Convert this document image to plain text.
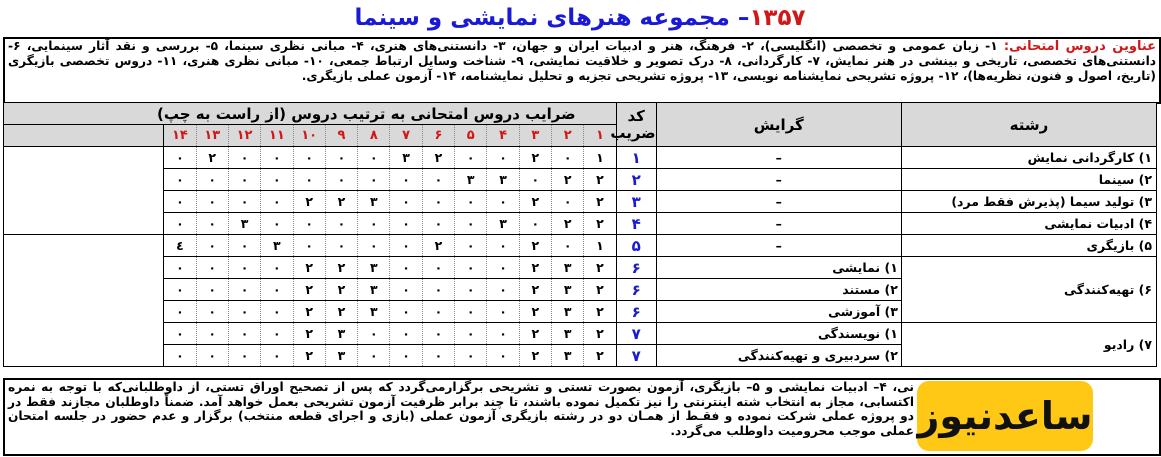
۱۳۵۷– مجموعه هنرهای نمایشی و سینما
عناوین دروس امتحانی: ۱- زبان عمومی و تخصصی (انگلیسی)، ۲- فرهنگ، هنر و ادبیات ایران و جهان، ۳- دانستنی‌های هنری، ۴- مبانی نظری سینما، ۵- بررسی و نقد آثار سینمایی، ۶- دانستنی‌های تخصصی، تاریخی و بینشی در هنر نمایش، ۷- کارگردانی، ۸- درک تصویر و خلاقیت نمایشی، ۹- شناخت وسایل ارتباط جمعی، ۱۰- مبانی نظری هنری، ۱۱- دروس تخصصی بازیگری (تاریخ، اصول و فنون، نظریه‌ها)، ۱۲- پروژه تشریحی نمایشنامه نویسی، ۱۳- پروژه تشریحی تجزیه و تحلیل نمایشنامه، ۱۴- آزمون عملی بازیگری.
رشته	گرایش	کد ضریب	ضرایب دروس امتحانی به ترتیب دروس (از راست به چپ)														
			۱	۲	۳	۴	۵	۶	۷	۸	۹	۱۰	۱۱	۱۲	۱۳	۱۴	
۱) کارگردانی نمایش	–	۱	۱	۰	۲	۰	۰	۲	۳	۰	۰	۰	۰	۰	۲	۰	
۲) سینما	–	۲	۲	۲	۰	۳	۳	۰	۰	۰	۰	۰	۰	۰	۰	۰	
۳) تولید سیما (پذیرش فقط مرد)	–	۳	۲	۰	۲	۰	۰	۰	۰	۳	۲	۲	۰	۰	۰	۰	
۴) ادبیات نمایشی	–	۴	۲	۲	۰	۳	۰	۰	۰	۰	۰	۰	۰	۳	۰	۰	
۵) بازیگری	–	۵	۱	۰	۲	۰	۰	۲	۰	۰	۰	۰	۳	۰	۰	٤	
۶) تهیه‌کنندگی	۱) نمایشی	۶	۲	۳	۲	۰	۰	۰	۰	۳	۲	۲	۰	۰	۰	۰	
	۲) مستند	۶	۲	۳	۲	۰	۰	۰	۰	۳	۲	۲	۰	۰	۰	۰	
	۳) آموزشی	۶	۲	۳	۲	۰	۰	۰	۰	۳	۲	۲	۰	۰	۰	۰	
۷) رادیو	۱) نویسندگی	۷	۲	۳	۲	۰	۰	۰	۰	۰	۳	۲	۰	۰	۰	۰	
	۲) سردبیری و تهیه‌کنندگی	۷	۲	۳	۲	۰	۰	۰	۰	۰	۳	۲	۰	۰	۰	۰	
نی، ۴– ادبیات نمایشی و ۵– بازیگری، آزمون بصورت تستی و تشریحی برگزارمی‌گردد که پس از تصحیح اوراق تستی، از داوطلبانی‌که با توجه به نمره اکتسابی، مجاز به انتخاب شته اینترنتی را نیز تکمیل نموده باشند، تا چند برابر ظرفیت آزمون تشریحی بعمل خواهد آمد. ضمناً داوطلبان مجازند فقط در دو پروژه عملی شرکت نموده و فقـط از همـان دو در رشته بازیگری آزمون عملی (بازی و اجرای قطعه منتخب) برگزار و عدم حضور در جلسه امتحان عملی موجب محرومیت داوطلب می‌گردد. ساعدنیوز
